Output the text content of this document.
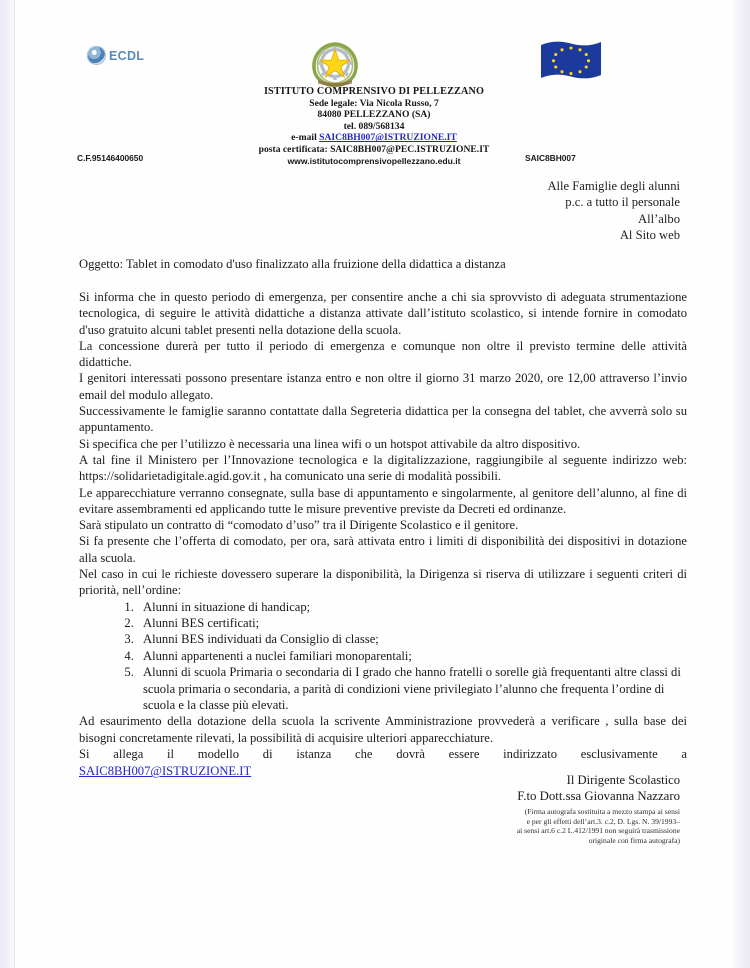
ECDL
ISTITUTO COMPRENSIVO DI PELLEZZANO
Sede legale: Via Nicola Russo, 7
84080 PELLEZZANO (SA)
tel. 089/568134
e-mail SAIC8BH007@ISTRUZIONE.IT
posta certificata: SAIC8BH007@PEC.ISTRUZIONE.IT
www.istitutocomprensivopellezzano.edu.it
C.F.95146400650	SAIC8BH007
Alle Famiglie degli alunni
p.c. a tutto il personale
All’albo
Al Sito web
Oggetto: Tablet in comodato d'uso finalizzato alla fruizione della didattica a distanza

Si informa che in questo periodo di emergenza, per consentire anche a chi sia sprovvisto di adeguata strumentazione tecnologica, di seguire le attività didattiche a distanza attivate dall’istituto scolastico, si intende fornire in comodato d'uso gratuito alcuni tablet presenti nella dotazione della scuola.

La concessione durerà per tutto il periodo di emergenza e comunque non oltre il previsto termine delle attività didattiche.

I genitori interessati possono presentare istanza entro e non oltre il giorno 31 marzo 2020, ore 12,00 attraverso l’invio email del modulo allegato.

Successivamente le famiglie saranno contattate dalla Segreteria didattica per la consegna del tablet, che avverrà solo su appuntamento.

Si specifica che per l’utilizzo è necessaria una linea wifi o un hotspot attivabile da altro dispositivo.

A tal fine il Ministero per l’Innovazione tecnologica e la digitalizzazione, raggiungibile al seguente indirizzo web: https://solidarietadigitale.agid.gov.it , ha comunicato una serie di modalità possibili.

Le apparecchiature verranno consegnate, sulla base di appuntamento e singolarmente, al genitore dell’alunno, al fine di evitare assembramenti ed applicando tutte le misure preventive previste da Decreti ed ordinanze.

Sarà stipulato un contratto di “comodato d’uso” tra il Dirigente Scolastico e il genitore.

Si fa presente che l’offerta di comodato, per ora, sarà attivata entro i limiti di disponibilità dei dispositivi in dotazione alla scuola.

Nel caso in cui le richieste dovessero superare la disponibilità, la Dirigenza si riserva di utilizzare i seguenti criteri di priorità, nell’ordine:

1. Alunni in situazione di handicap;
2. Alunni BES certificati;
3. Alunni BES individuati da Consiglio di classe;
4. Alunni appartenenti a nuclei familiari monoparentali;
5. Alunni di scuola Primaria o secondaria di I grado che hanno fratelli o sorelle già frequentanti altre classi di scuola primaria o secondaria, a parità di condizioni viene privilegiato l’alunno che frequenta l’ordine di scuola e la classe più elevati.

Ad esaurimento della dotazione della scuola la scrivente Amministrazione provvederà a verificare , sulla base dei bisogni concretamente rilevati, la possibilità di acquisire ulteriori apparecchiature.

Si allega il modello di istanza che dovrà essere indirizzato esclusivamente a

SAIC8BH007@ISTRUZIONE.IT
Il Dirigente Scolastico
F.to Dott.ssa Giovanna Nazzaro
(Firma autografa sostituita a mezzo stampa ai sensi
e per gli effetti dell’art.3. c.2, D. Lgs. N. 39/1993–
ai sensi art.6 c.2 L.412/1991 non seguirà trasmissione
originale con firma autografa)
